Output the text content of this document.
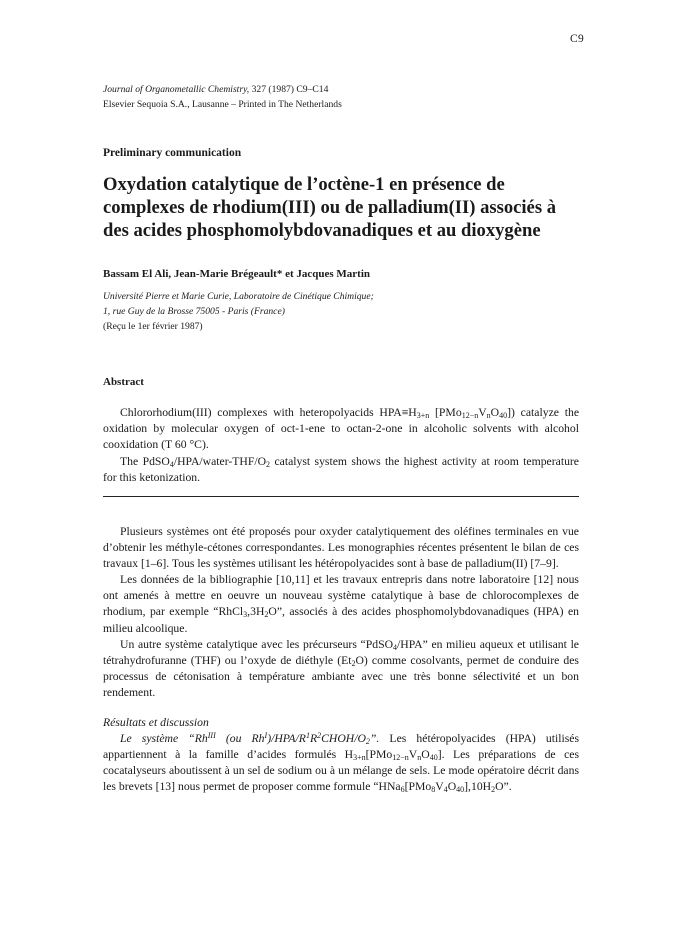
C9
Journal of Organometallic Chemistry, 327 (1987) C9–C14
Elsevier Sequoia S.A., Lausanne – Printed in The Netherlands
Preliminary communication
Oxydation catalytique de l’octène-1 en présence de complexes de rhodium(III) ou de palladium(II) associés à des acides phosphomolybdovanadiques et au dioxygène
Bassam El Ali, Jean-Marie Brégeault* et Jacques Martin
Université Pierre et Marie Curie, Laboratoire de Cinétique Chimique;
1, rue Guy de la Brosse 75005 - Paris (France)
(Reçu le 1er février 1987)
Abstract

Chlororhodium(III) complexes with heteropolyacids $HPA\equiv H_{3+n}$ $[PMo_{12-n}V_nO_{40}]$) catalyze the oxidation by molecular oxygen of oct-1-ene to octan-2-one in alcoholic solvents with alcohol cooxidation (T 60 °C).

The $PdSO_4/HPA/water-THF/O_2$ catalyst system shows the highest activity at room temperature for this ketonization.

Plusieurs systèmes ont été proposés pour oxyder catalytiquement des oléfines terminales en vue d’obtenir les méthyle-cétones correspondantes. Les monographies récentes présentent le bilan de ces travaux [1–6]. Tous les systèmes utilisant les hétéropolyacides sont à base de palladium(II) [7–9].

Les données de la bibliographie [10,11] et les travaux entrepris dans notre laboratoire [12] nous ont amenés à mettre en oeuvre un nouveau système catalytique à base de chlorocomplexes de rhodium, par exemple “$RhCl_3,3H_2O$”, associés à des acides phosphomolybdovanadiques (HPA) en milieu alcoolique.

Un autre système catalytique avec les précurseurs “PdSO$_4$/HPA” en milieu aqueux et utilisant le tétrahydrofuranne (THF) ou l’oxyde de diéthyle $(Et_2O)$ comme cosolvants, permet de conduire des processus de cétonisation à température ambiante avec une très bonne sélectivité et un bon rendement.

Résultats et discussion

Le système “$Rh^{III}$ (ou $Rh^I)/HPA/R^1R^2CHOH/O_2$”. Les hétéropolyacides (HPA) utilisés appartiennent à la famille d’acides formulés $H_{3+n}[PMo_{12-n}V_nO_{40}]$. Les préparations de ces cocatalyseurs aboutissent à un sel de sodium ou à un mélange de sels. Le mode opératoire décrit dans les brevets [13] nous permet de proposer comme formule “$HNa_6[PMo_8V_4O_{40}],10H_2O$”.
